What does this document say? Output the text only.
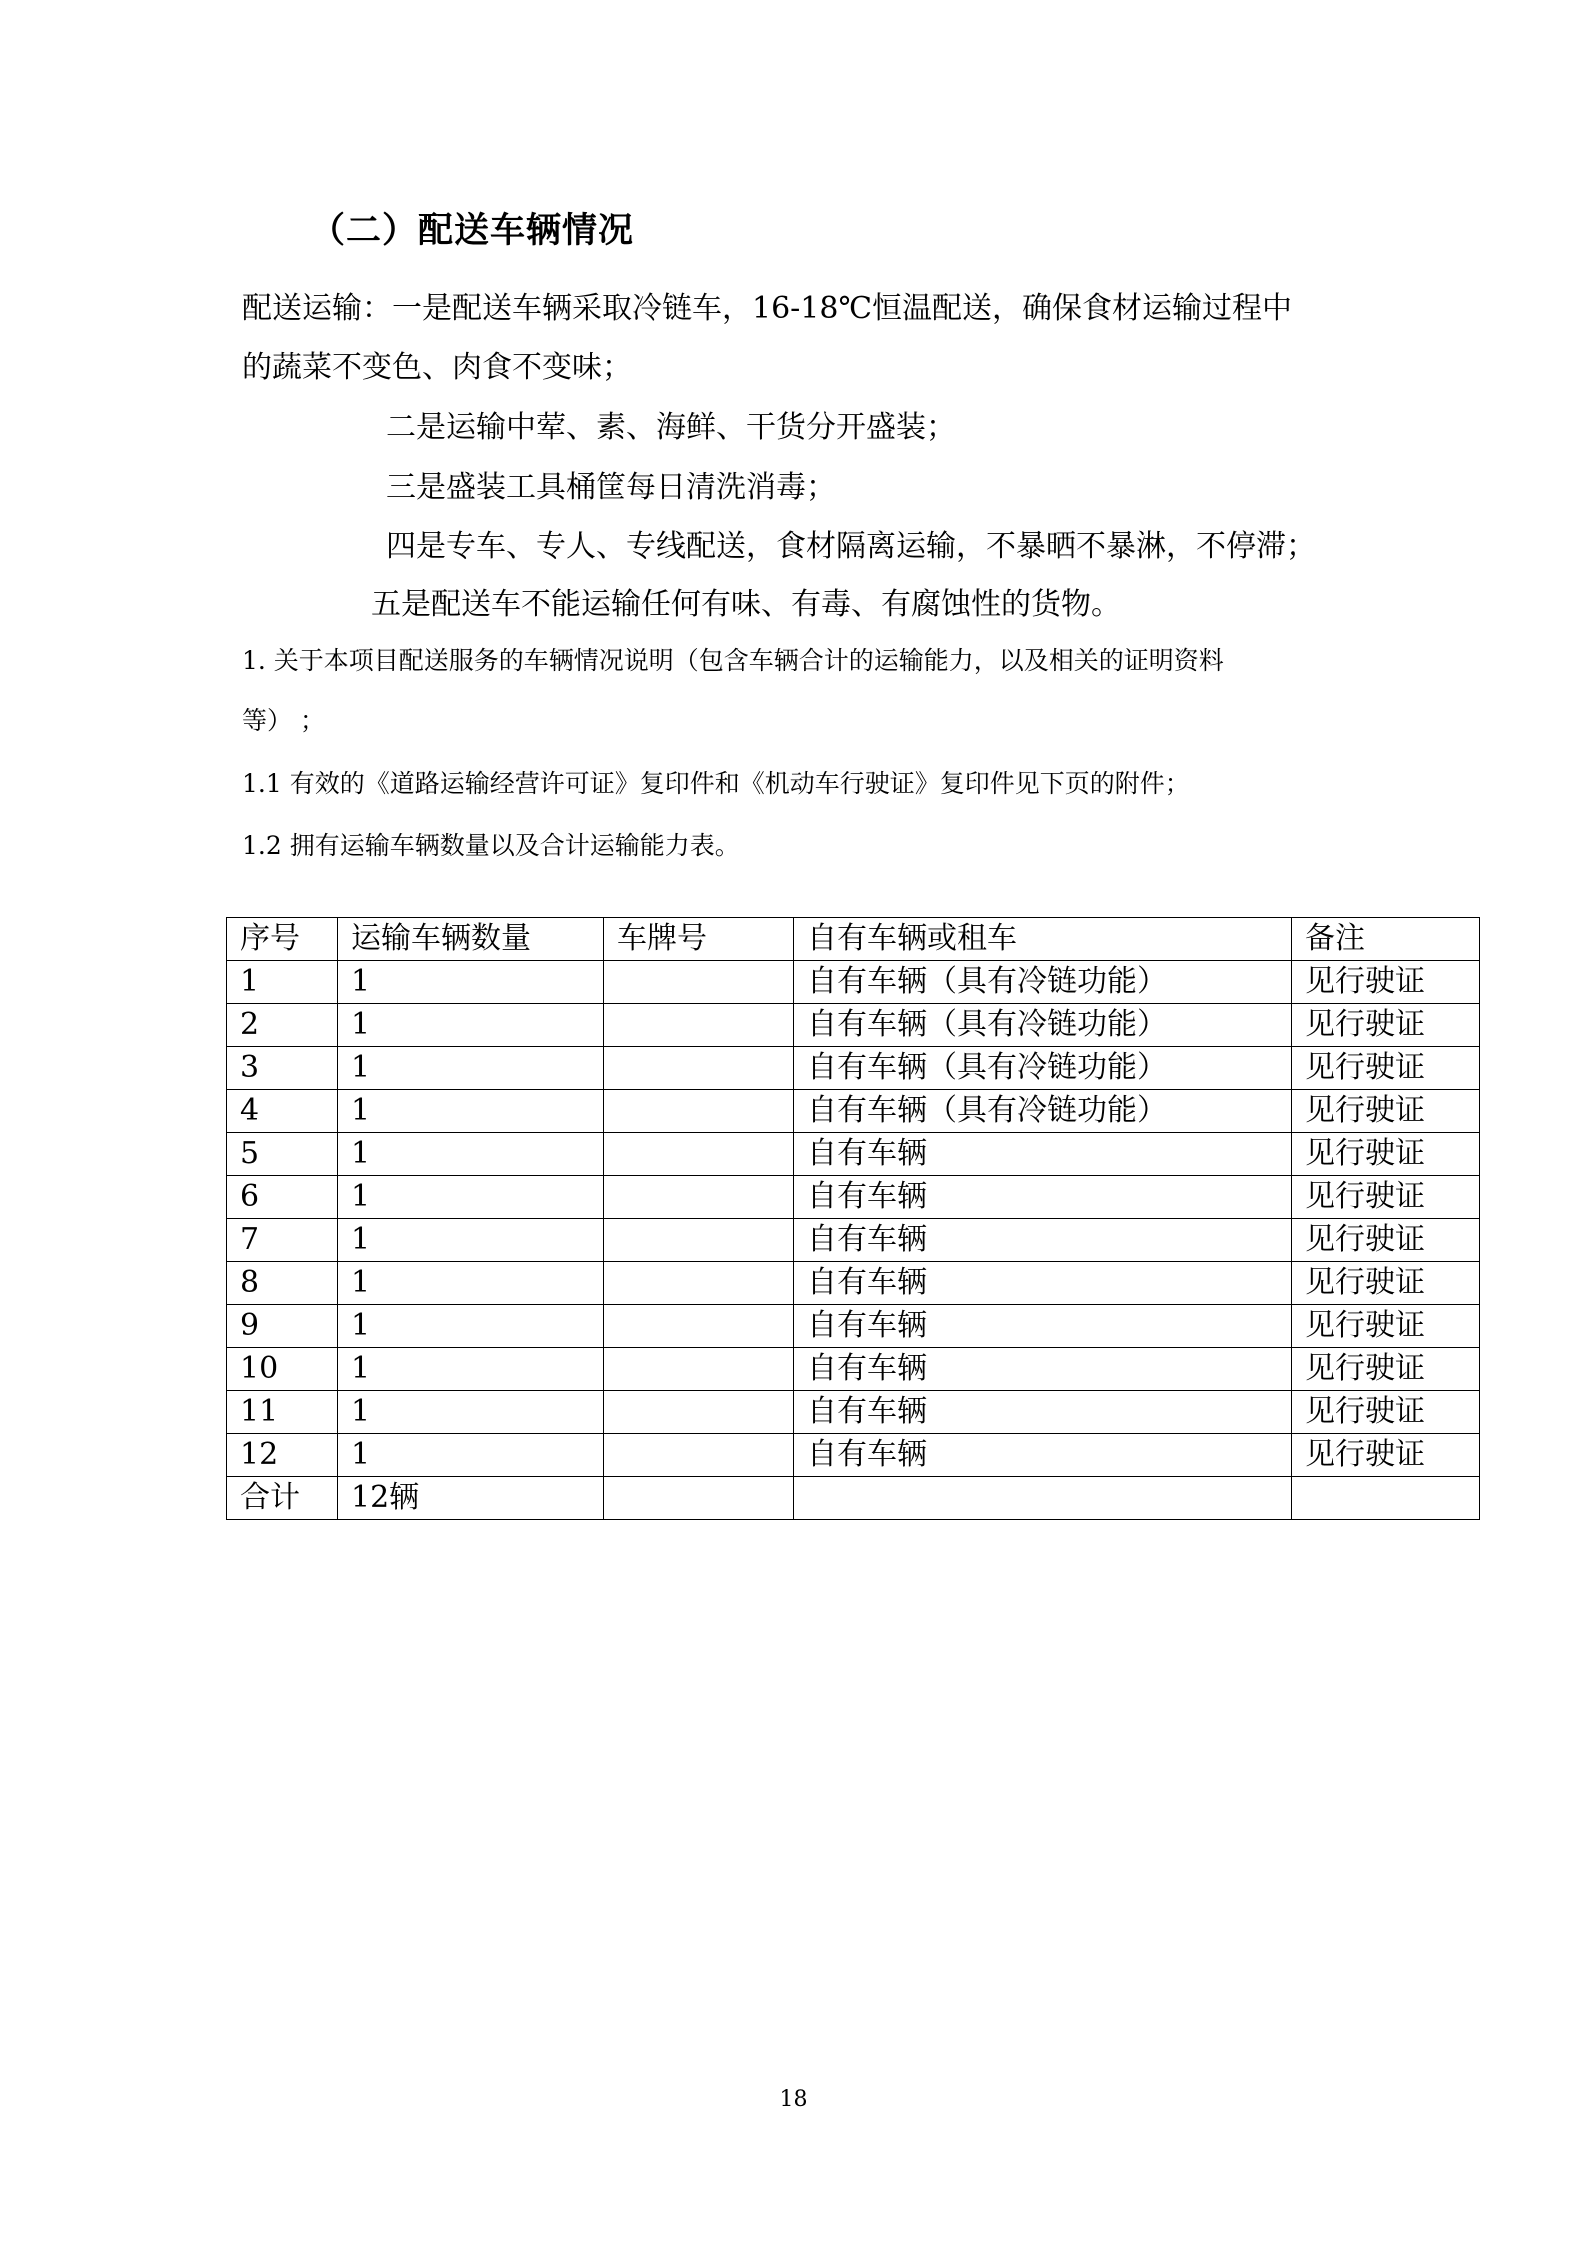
（二）配送车辆情况
配送运输：一是配送车辆采取冷链车，16-18℃恒温配送，确保食材运输过程中
的蔬菜不变色、肉食不变味；
二是运输中荤、素、海鲜、干货分开盛装；
三是盛装工具桶筐每日清洗消毒；
四是专车、专人、专线配送，食材隔离运输，不暴晒不暴淋，不停滞；
五是配送车不能运输任何有味、有毒、有腐蚀性的货物。
1. 关于本项目配送服务的车辆情况说明（包含车辆合计的运输能力，以及相关的证明资料
等） ；
1.1 有效的《道路运输经营许可证》复印件和《机动车行驶证》复印件见下页的附件；
1.2 拥有运输车辆数量以及合计运输能力表。
序号	运输车辆数量	车牌号	自有车辆或租车	备注
1	1		自有车辆（具有冷链功能）	见行驶证
2	1		自有车辆（具有冷链功能）	见行驶证
3	1		自有车辆（具有冷链功能）	见行驶证
4	1		自有车辆（具有冷链功能）	见行驶证
5	1		自有车辆	见行驶证
6	1		自有车辆	见行驶证
7	1		自有车辆	见行驶证
8	1		自有车辆	见行驶证
9	1		自有车辆	见行驶证
10	1		自有车辆	见行驶证
11	1		自有车辆	见行驶证
12	1		自有车辆	见行驶证
合计	12辆			
18
